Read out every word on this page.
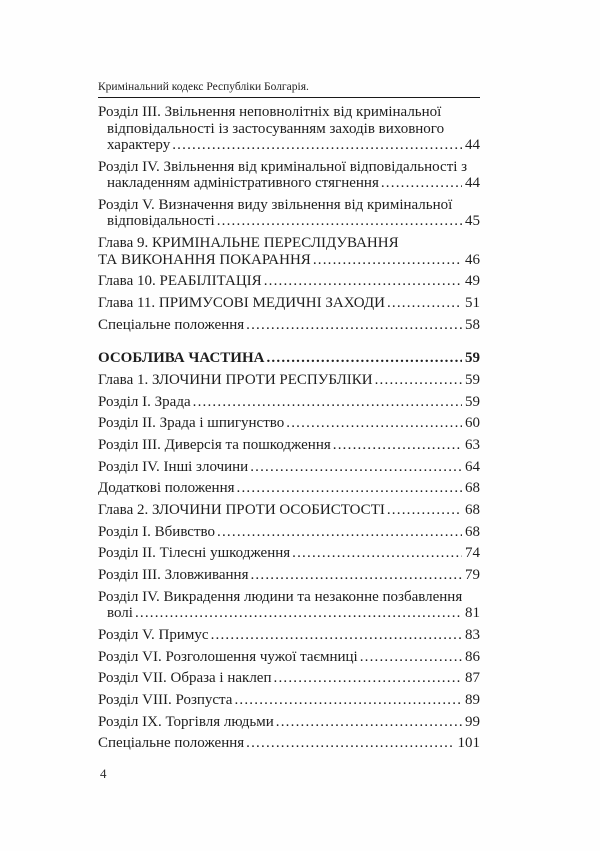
Кримінальний кодекс Республіки Болгарія.
Розділ III. Звільнення неповнолітніх від кримінальної
відповідальності із застосуванням заходів виховного
характеру .....	44
Розділ IV. Звільнення від кримінальної відповідальності з
накладенням адміністративного стягнення .....	44
Розділ V. Визначення виду звільнення від кримінальної
відповідальності .....	45
Глава 9. КРИМІНАЛЬНЕ ПЕРЕСЛІДУВАННЯ
ТА ВИКОНАННЯ ПОКАРАННЯ .....	46
Глава 10. РЕАБІЛІТАЦІЯ .....	49
Глава 11. ПРИМУСОВІ МЕДИЧНІ ЗАХОДИ .....	51
Спеціальне положення .....	58
ОСОБЛИВА ЧАСТИНА .....	59
Глава 1. ЗЛОЧИНИ ПРОТИ РЕСПУБЛІКИ .....	59
Розділ I. Зрада .....	59
Розділ II. Зрада і шпигунство .....	60
Розділ III. Диверсія та пошкодження .....	63
Розділ IV. Інші злочини .....	64
Додаткові положення .....	68
Глава 2. ЗЛОЧИНИ ПРОТИ ОСОБИСТОСТІ .....	68
Розділ I. Вбивство .....	68
Розділ II. Тілесні ушкодження .....	74
Розділ III. Зловживання .....	79
Розділ IV. Викрадення людини та незаконне позбавлення
волі .....	81
Розділ V. Примус .....	83
Розділ VI. Розголошення чужої таємниці .....	86
Розділ VII. Образа і наклеп .....	87
Розділ VIII. Розпуста .....	89
Розділ IX. Торгівля людьми .....	99
Спеціальне положення .....	101
4
